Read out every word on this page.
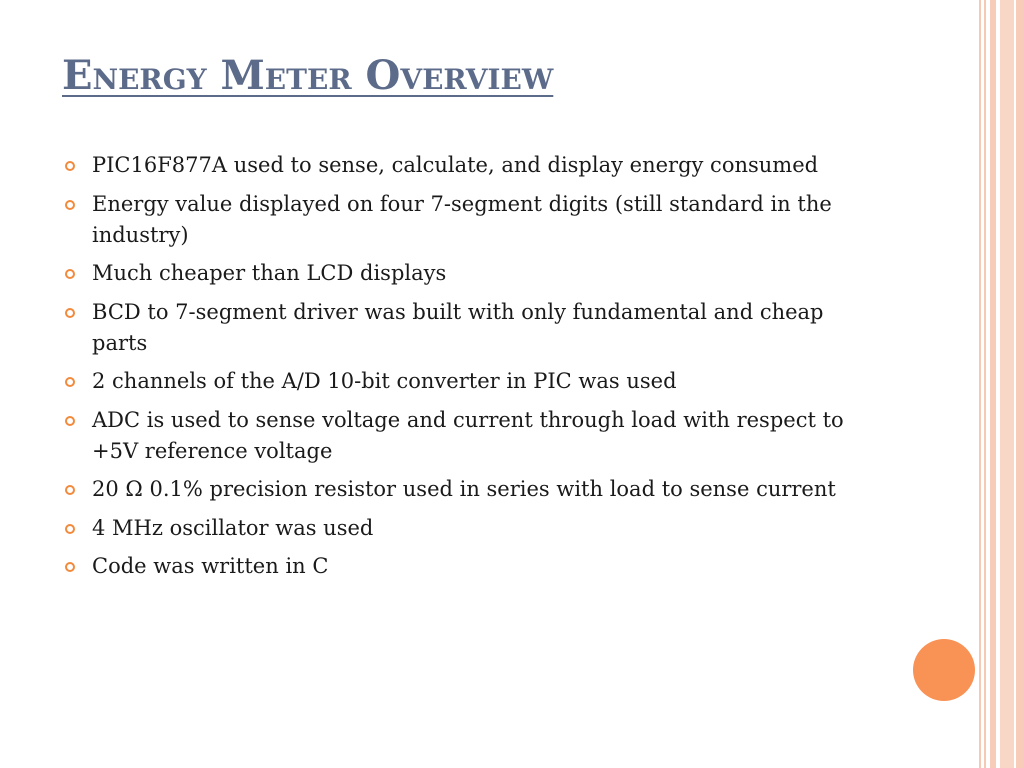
Energy Meter Overview
PIC16F877A used to sense, calculate, and display energy consumed
Energy value displayed on four 7-segment digits (still standard in the industry)
Much cheaper than LCD displays
BCD to 7-segment driver was built with only fundamental and cheap parts
2 channels of the A/D 10-bit converter in PIC was used
ADC is used to sense voltage and current through load with respect to +5V reference voltage
20 Ω 0.1% precision resistor used in series with load to sense current
4 MHz oscillator was used
Code was written in C
